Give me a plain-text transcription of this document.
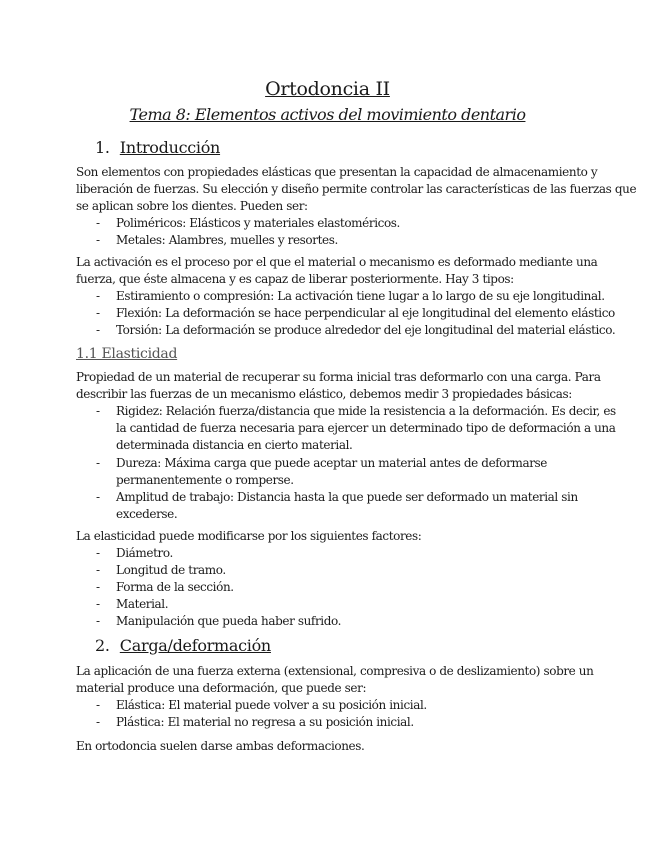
Ortodoncia II
Tema 8: Elementos activos del movimiento dentario
1. Introducción
Son elementos con propiedades elásticas que presentan la capacidad de almacenamiento y
liberación de fuerzas. Su elección y diseño permite controlar las características de las fuerzas que
se aplican sobre los dientes. Pueden ser:
- Poliméricos: Elásticos y materiales elastoméricos.
- Metales: Alambres, muelles y resortes.
La activación es el proceso por el que el material o mecanismo es deformado mediante una
fuerza, que éste almacena y es capaz de liberar posteriormente. Hay 3 tipos:
- Estiramiento o compresión: La activación tiene lugar a lo largo de su eje longitudinal.
- Flexión: La deformación se hace perpendicular al eje longitudinal del elemento elástico
- Torsión: La deformación se produce alrededor del eje longitudinal del material elástico.
1.1 Elasticidad
Propiedad de un material de recuperar su forma inicial tras deformarlo con una carga. Para
describir las fuerzas de un mecanismo elástico, debemos medir 3 propiedades básicas:
- Rigidez: Relación fuerza/distancia que mide la resistencia a la deformación. Es decir, es
la cantidad de fuerza necesaria para ejercer un determinado tipo de deformación a una
determinada distancia en cierto material.
- Dureza: Máxima carga que puede aceptar un material antes de deformarse
permanentemente o romperse.
- Amplitud de trabajo: Distancia hasta la que puede ser deformado un material sin
excederse.
La elasticidad puede modificarse por los siguientes factores:
- Diámetro.
- Longitud de tramo.
- Forma de la sección.
- Material.
- Manipulación que pueda haber sufrido.
2. Carga/deformación
La aplicación de una fuerza externa (extensional, compresiva o de deslizamiento) sobre un
material produce una deformación, que puede ser:
- Elástica: El material puede volver a su posición inicial.
- Plástica: El material no regresa a su posición inicial.
En ortodoncia suelen darse ambas deformaciones.
